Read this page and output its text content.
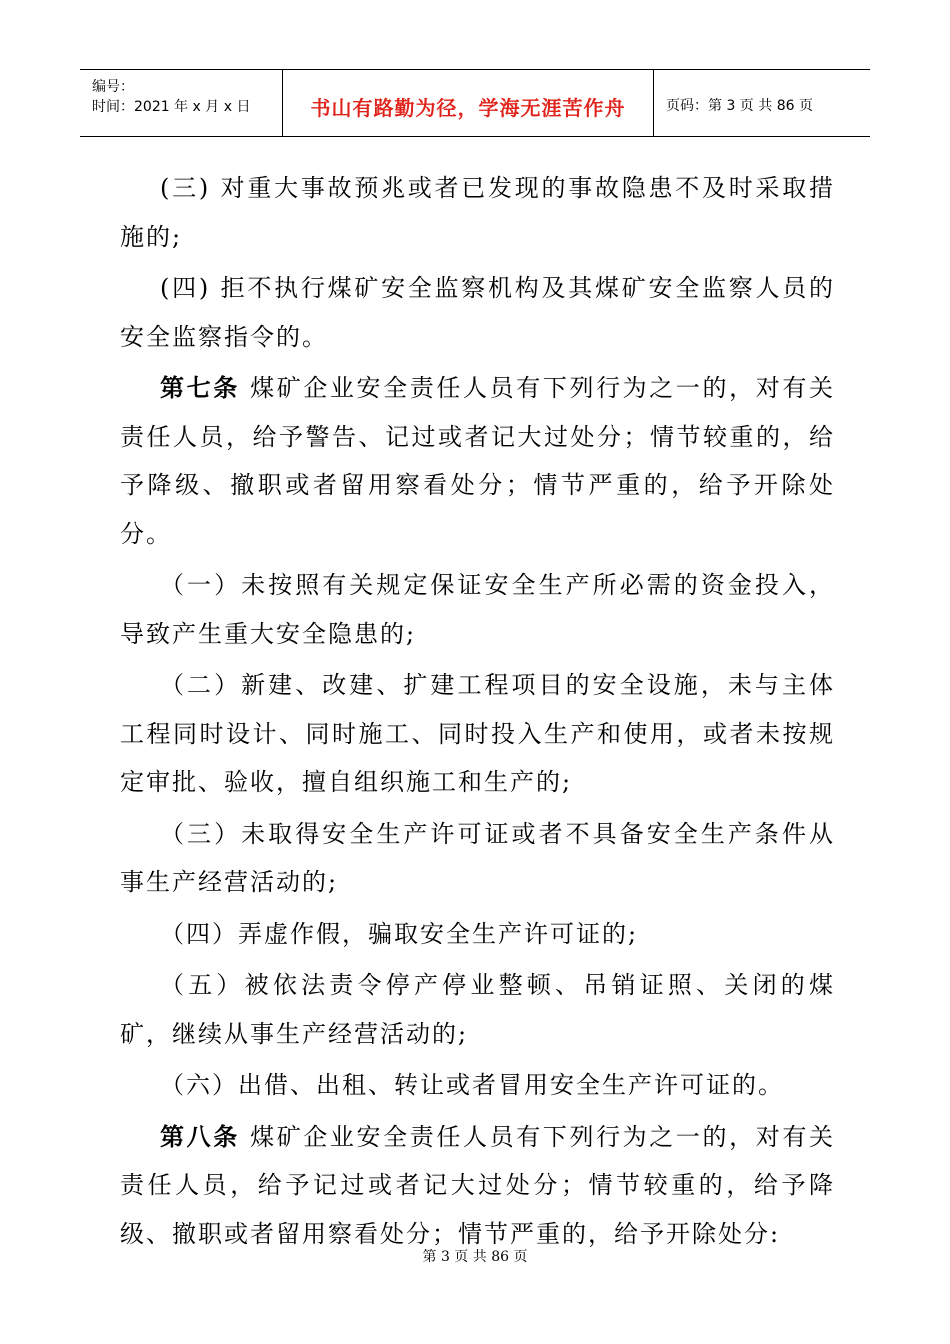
编号：
时间：2021 年 x 月 x 日	书山有路勤为径，学海无涯苦作舟	页码：第 3 页 共 86 页

(三) 对重大事故预兆或者已发现的事故隐患不及时采取措施的;

(四) 拒不执行煤矿安全监察机构及其煤矿安全监察人员的安全监察指令的。

第七条 煤矿企业安全责任人员有下列行为之一的，对有关责任人员，给予警告、记过或者记大过处分；情节较重的，给予降级、撤职或者留用察看处分；情节严重的，给予开除处分。

（一）未按照有关规定保证安全生产所必需的资金投入，导致产生重大安全隐患的;

（二）新建、改建、扩建工程项目的安全设施，未与主体工程同时设计、同时施工、同时投入生产和使用，或者未按规定审批、验收，擅自组织施工和生产的;

（三）未取得安全生产许可证或者不具备安全生产条件从事生产经营活动的;

（四）弄虚作假，骗取安全生产许可证的;

（五）被依法责令停产停业整顿、吊销证照、关闭的煤矿，继续从事生产经营活动的;

（六）出借、出租、转让或者冒用安全生产许可证的。

第八条 煤矿企业安全责任人员有下列行为之一的，对有关责任人员，给予记过或者记大过处分；情节较重的，给予降级、撤职或者留用察看处分；情节严重的，给予开除处分:

第 3 页 共 86 页
